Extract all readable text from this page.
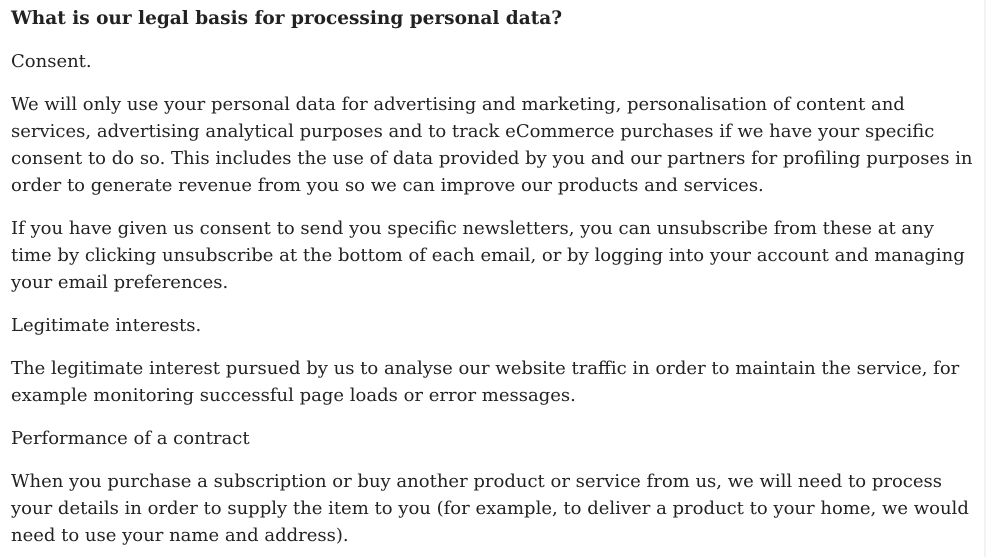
What is our legal basis for processing personal data?

Consent.

We will only use your personal data for advertising and marketing, personalisation of content and services, advertising analytical purposes and to track eCommerce purchases if we have your specific consent to do so. This includes the use of data provided by you and our partners for profiling purposes in order to generate revenue from you so we can improve our products and services.

If you have given us consent to send you specific newsletters, you can unsubscribe from these at any time by clicking unsubscribe at the bottom of each email, or by logging into your account and managing your email preferences.

Legitimate interests.

The legitimate interest pursued by us to analyse our website traffic in order to maintain the service, for example monitoring successful page loads or error messages.

Performance of a contract

When you purchase a subscription or buy another product or service from us, we will need to process your details in order to supply the item to you (for example, to deliver a product to your home, we would need to use your name and address).
